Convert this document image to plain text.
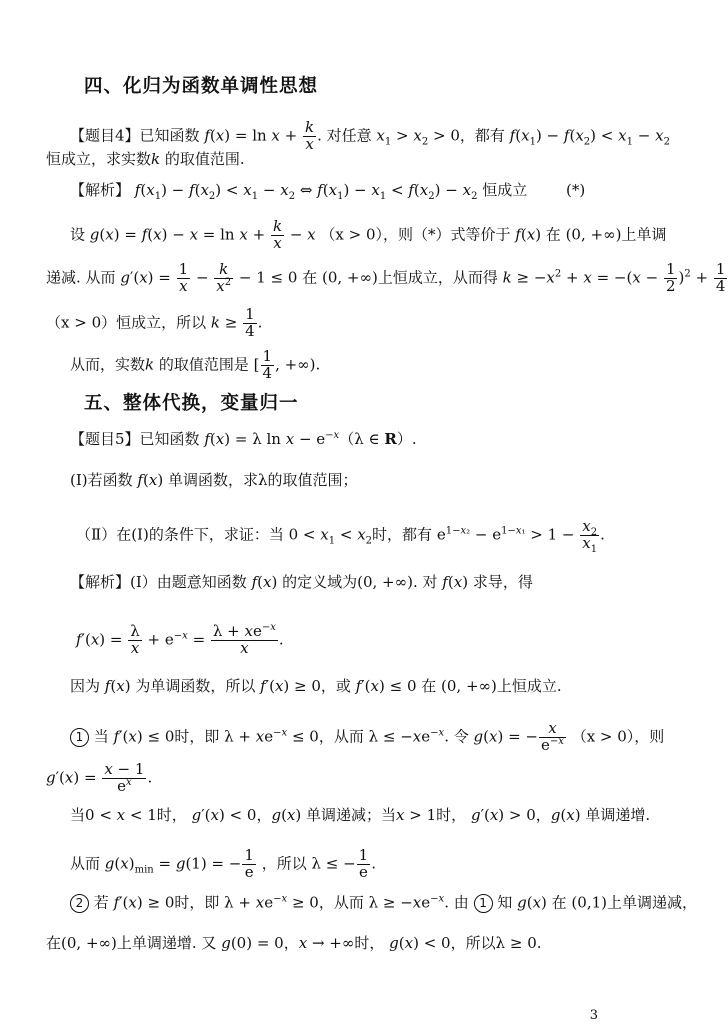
四、化归为函数单调性思想
【题目4】已知函数 $f(x) = \ln x + \frac{k}{x}$ . 对任意 $x_1 > x_2 > 0$，都有 $f(x_1) - f(x_2) < x_1 - x_2$
恒成立，求实数k 的取值范围.
【解析】 $f(x_1) - f(x_2) < x_1 - x_2$ ⇔ $f(x_1) - x_1 < f(x_2) - x_2$ 恒成立	(*)
设 $g(x) = f(x) - x = \ln x + \frac{k}{x} - x$ （x > 0），则（*）式等价于 f(x) 在 (0, +∞)上单调
递减. 从而 $g'(x) = \frac{1}{x} - \frac{k}{x^2} - 1 \le 0$ 在 (0, +∞)上恒成立，从而得 $k \ge -x^2 + x = -(x - \frac{1}{2} )^2 + \frac{1}{4}$
（x > 0）恒成立，所以 $k \ge \frac{1}{4}$ .
从而，实数k 的取值范围是 [ $\frac{1}{4}$ , +∞).
五、整体代换，变量归一
【题目5】已知函数 f(x) = λ $\ln x - e^{-x}(\lambda$ ∈ R）.
(Ⅰ)若函数 f(x) 单调函数，求λ的取值范围；
（Ⅱ）在(Ⅰ)的条件下，求证：当 $0 < x_1 < x_2$时，都有 $e^{1-x_2} - e^{1-x_1} > 1 - \frac{x_2}{x_1}$ .
【解析】(Ⅰ）由题意知函数 f(x) 的定义域为(0, +∞). 对 f(x) 求导，得
$f'(x) = \frac{\lambda}{x} + e^{-x} = \frac{\lambda + xe^{-x}}{x}$ .
因为 f(x) 为单调函数，所以 f′(x) ≥ 0，或 f′(x) ≤ 0 在 (0, +∞)上恒成立.
1 当 f′(x) ≤ 0时，即 $\lambda + xe^{-x} \le 0$，从而 $\lambda \le -xe^{-x}$. 令 g(x) = − $\frac{x}{e^{-x}} (x > 0)$，则
$g'(x) = \frac{x - 1}{e^x}$ .
当0 < x < 1时， g′(x) < 0，g(x) 单调递减；当x > 1时， g′(x) > 0，g(x) 单调递增.
从而 $g(x)_{min} = g(1)$ = − $\frac{1}{e}$ ，所以 λ ≤ − $\frac{1}{e}$ .
2 若 f′(x) ≥ 0时，即 $\lambda + xe^{-x} \ge 0$，从而 $\lambda \ge -xe^{-x}$. 由 1 知 g(x) 在 (0,1)上单调递减，
在(0, +∞)上单调递增. 又 g(0) = 0，x → +∞时， g(x) < 0，所以λ ≥ 0.
3
